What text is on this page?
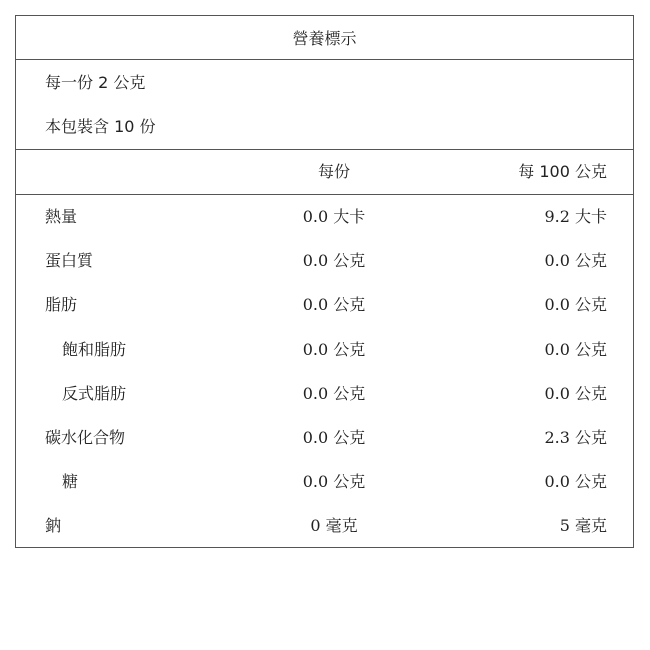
營養標示
每一份 2 公克
本包裝含 10 份
每份	每 100 公克
熱量	0.0 大卡	9.2 大卡
蛋白質	0.0 公克	0.0 公克
脂肪	0.0 公克	0.0 公克
飽和脂肪	0.0 公克	0.0 公克
反式脂肪	0.0 公克	0.0 公克
碳水化合物	0.0 公克	2.3 公克
糖	0.0 公克	0.0 公克
鈉	0 毫克	5 毫克
